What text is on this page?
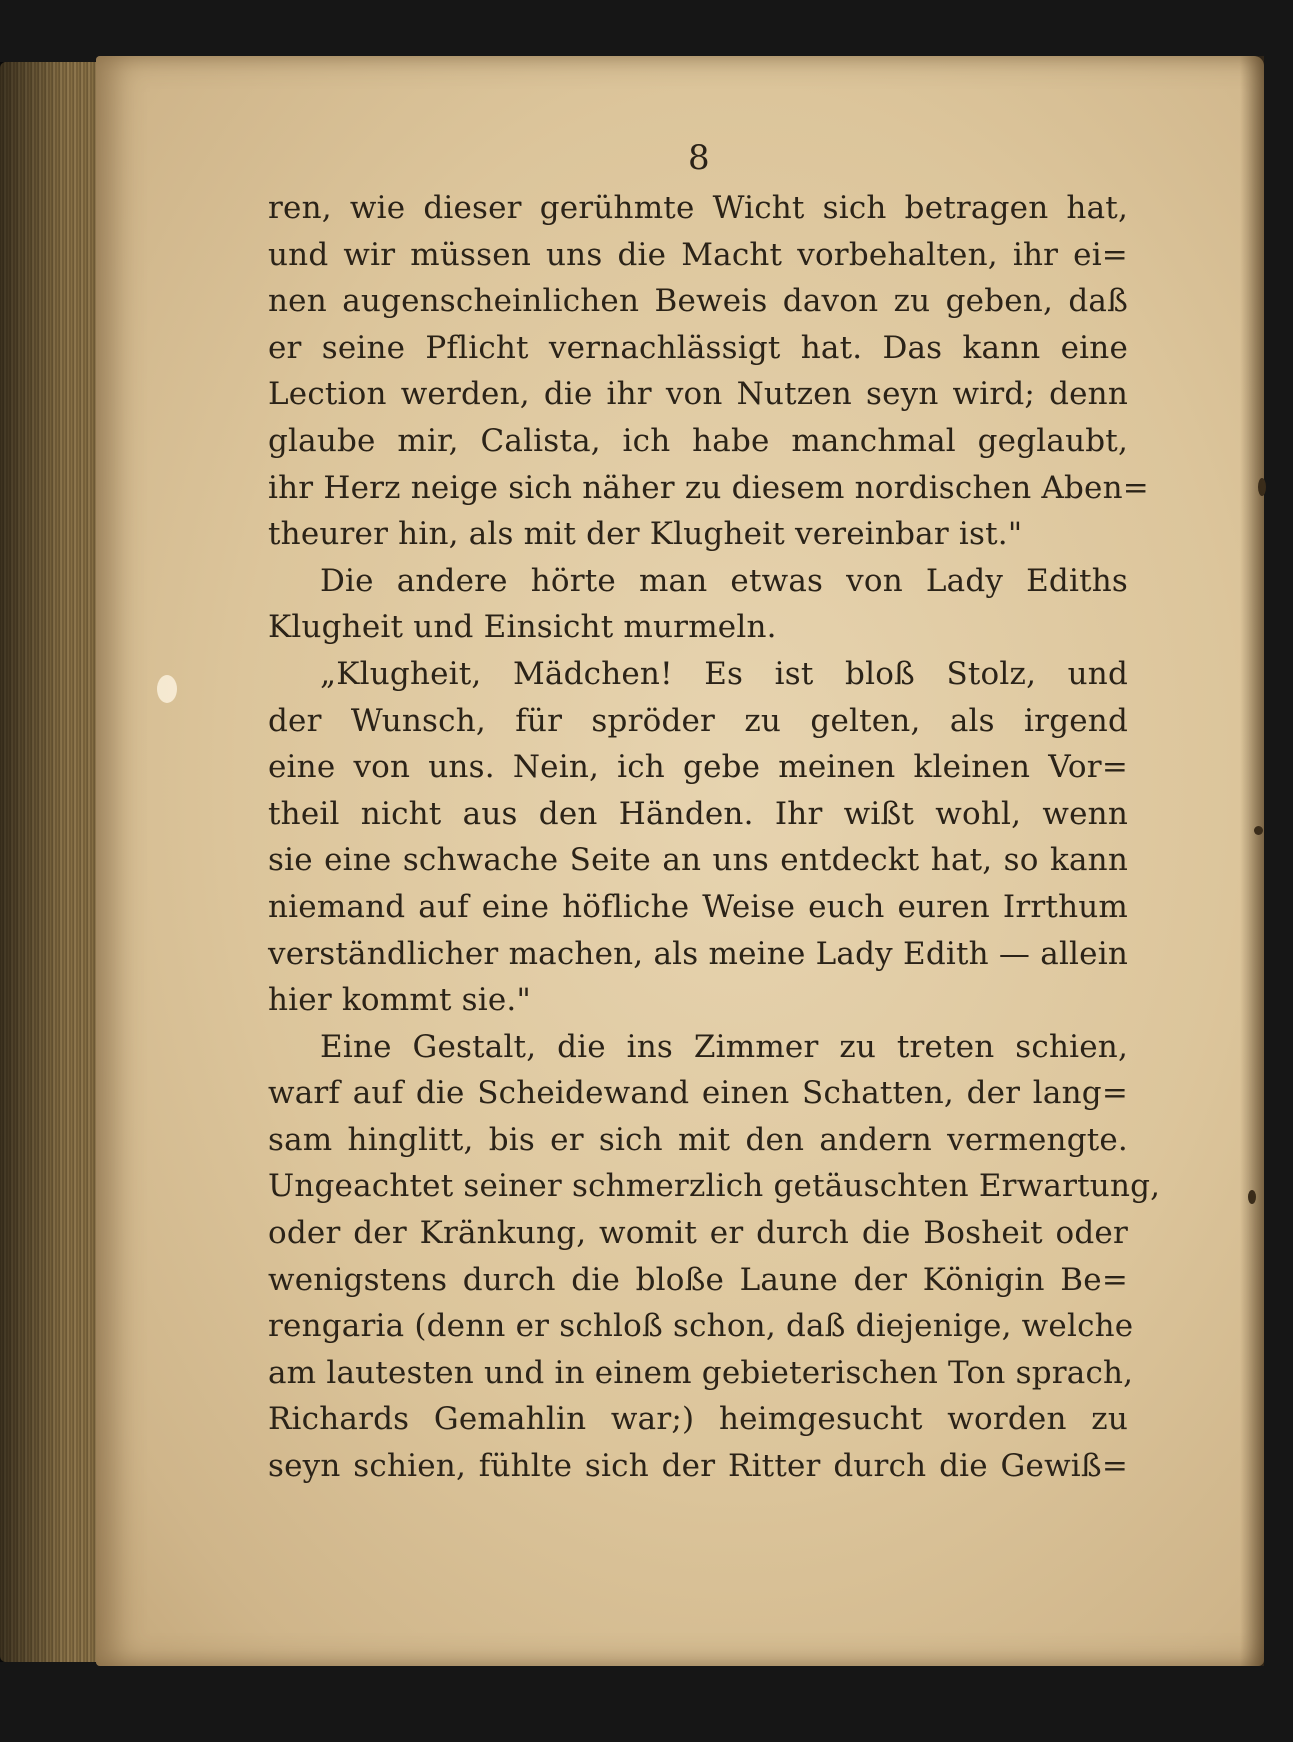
8
ren, wie dieser gerühmte Wicht sich betragen hat,
und wir müssen uns die Macht vorbehalten, ihr ei=
nen augenscheinlichen Beweis davon zu geben, daß
er seine Pflicht vernachlässigt hat. Das kann eine
Lection werden, die ihr von Nutzen seyn wird; denn
glaube mir, Calista, ich habe manchmal geglaubt,
ihr Herz neige sich näher zu diesem nordischen Aben=
theurer hin, als mit der Klugheit vereinbar ist."
Die andere hörte man etwas von Lady Ediths
Klugheit und Einsicht murmeln.
„Klugheit, Mädchen! Es ist bloß Stolz, und
der Wunsch, für spröder zu gelten, als irgend
eine von uns. Nein, ich gebe meinen kleinen Vor=
theil nicht aus den Händen. Ihr wißt wohl, wenn
sie eine schwache Seite an uns entdeckt hat, so kann
niemand auf eine höfliche Weise euch euren Irrthum
verständlicher machen, als meine Lady Edith — allein
hier kommt sie."
Eine Gestalt, die ins Zimmer zu treten schien,
warf auf die Scheidewand einen Schatten, der lang=
sam hinglitt, bis er sich mit den andern vermengte.
Ungeachtet seiner schmerzlich getäuschten Erwartung,
oder der Kränkung, womit er durch die Bosheit oder
wenigstens durch die bloße Laune der Königin Be=
rengaria (denn er schloß schon, daß diejenige, welche
am lautesten und in einem gebieterischen Ton sprach,
Richards Gemahlin war;) heimgesucht worden zu
seyn schien, fühlte sich der Ritter durch die Gewiß=
